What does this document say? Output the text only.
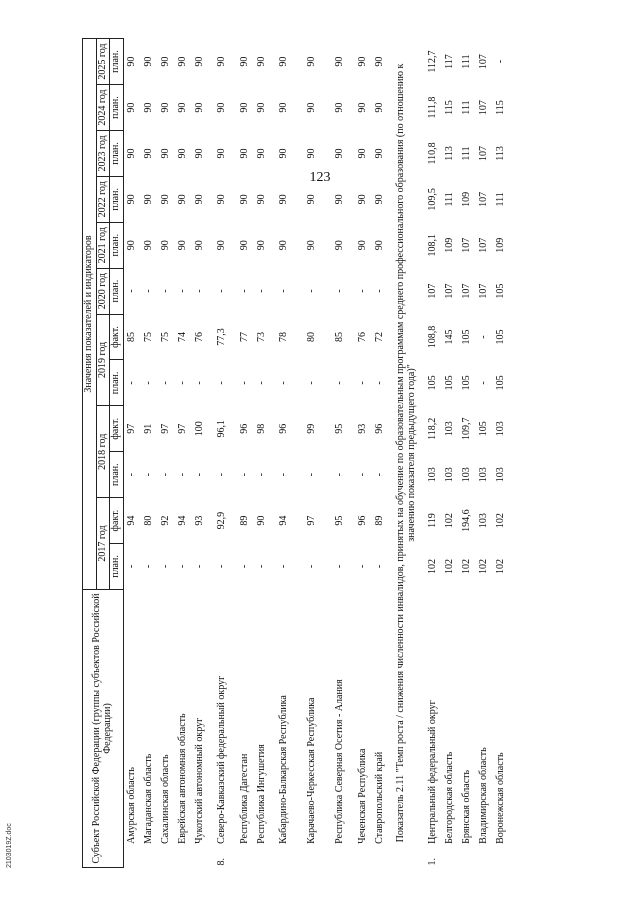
123
2103019Z.doc	Субъект Российской Федерации (группы субъектов Российской Федерации)		Значения показателей и индикаторов											
		2017 год		2018 год		2019 год		2020 год	2021 год	2022 год	2023 год	2024 год	2025 год
		план.	факт.	план.	факт.	план.	факт.	план.	план.	план.	план.	план.	план.
	Амурская область	-	94	-	97	-	85	-	90	90	90	90	90
	Магаданская область	-	80	-	91	-	75	-	90	90	90	90	90
	Сахалинская область	-	92	-	97	-	75	-	90	90	90	90	90
	Еврейская автономная область	-	94	-	97	-	74	-	90	90	90	90	90
	Чукотский автономный округ	-	93	-	100	-	76	-	90	90	90	90	90
8.	Северо-Кавказский федеральный округ	-	92,9	-	96,1	-	77,3	-	90	90	90	90	90
	Республика Дагестан	-	89	-	96	-	77	-	90	90	90	90	90
	Республика Ингушетия	-	90	-	98	-	73	-	90	90	90	90	90
	Кабардино-Балкарская Республика	-	94	-	96	-	78	-	90	90	90	90	90
	Карачаево-Черкесская Республика	-	97	-	99	-	80	-	90	90	90	90	90
	Республика Северная Осетия - Алания	-	95	-	95	-	85	-	90	90	90	90	90
	Чеченская Республика	-	96	-	93	-	76	-	90	90	90	90	90
	Ставропольский край	-	89	-	96	-	72	-	90	90	90	90	90
Показатель 2.11 "Темп роста / снижения численности инвалидов, принятых на обучение по образовательным программам среднего профессионального образования (по отношению к значению показателя предыдущего года)"													
1.	Центральный федеральный округ	102	119	103	118,2	105	108,8	107	108,1	109,5	110,8	111,8	112,7
	Белгородская область	102	102	103	103	105	145	107	109	111	113	115	117
	Брянская область	102	194,6	103	109,7	105	105	107	107	109	111	111	111
	Владимирская область	102	103	103	105	-	-	107	107	107	107	107	107
	Воронежская область	102	102	103	103	105	105	105	109	111	113	115	-
